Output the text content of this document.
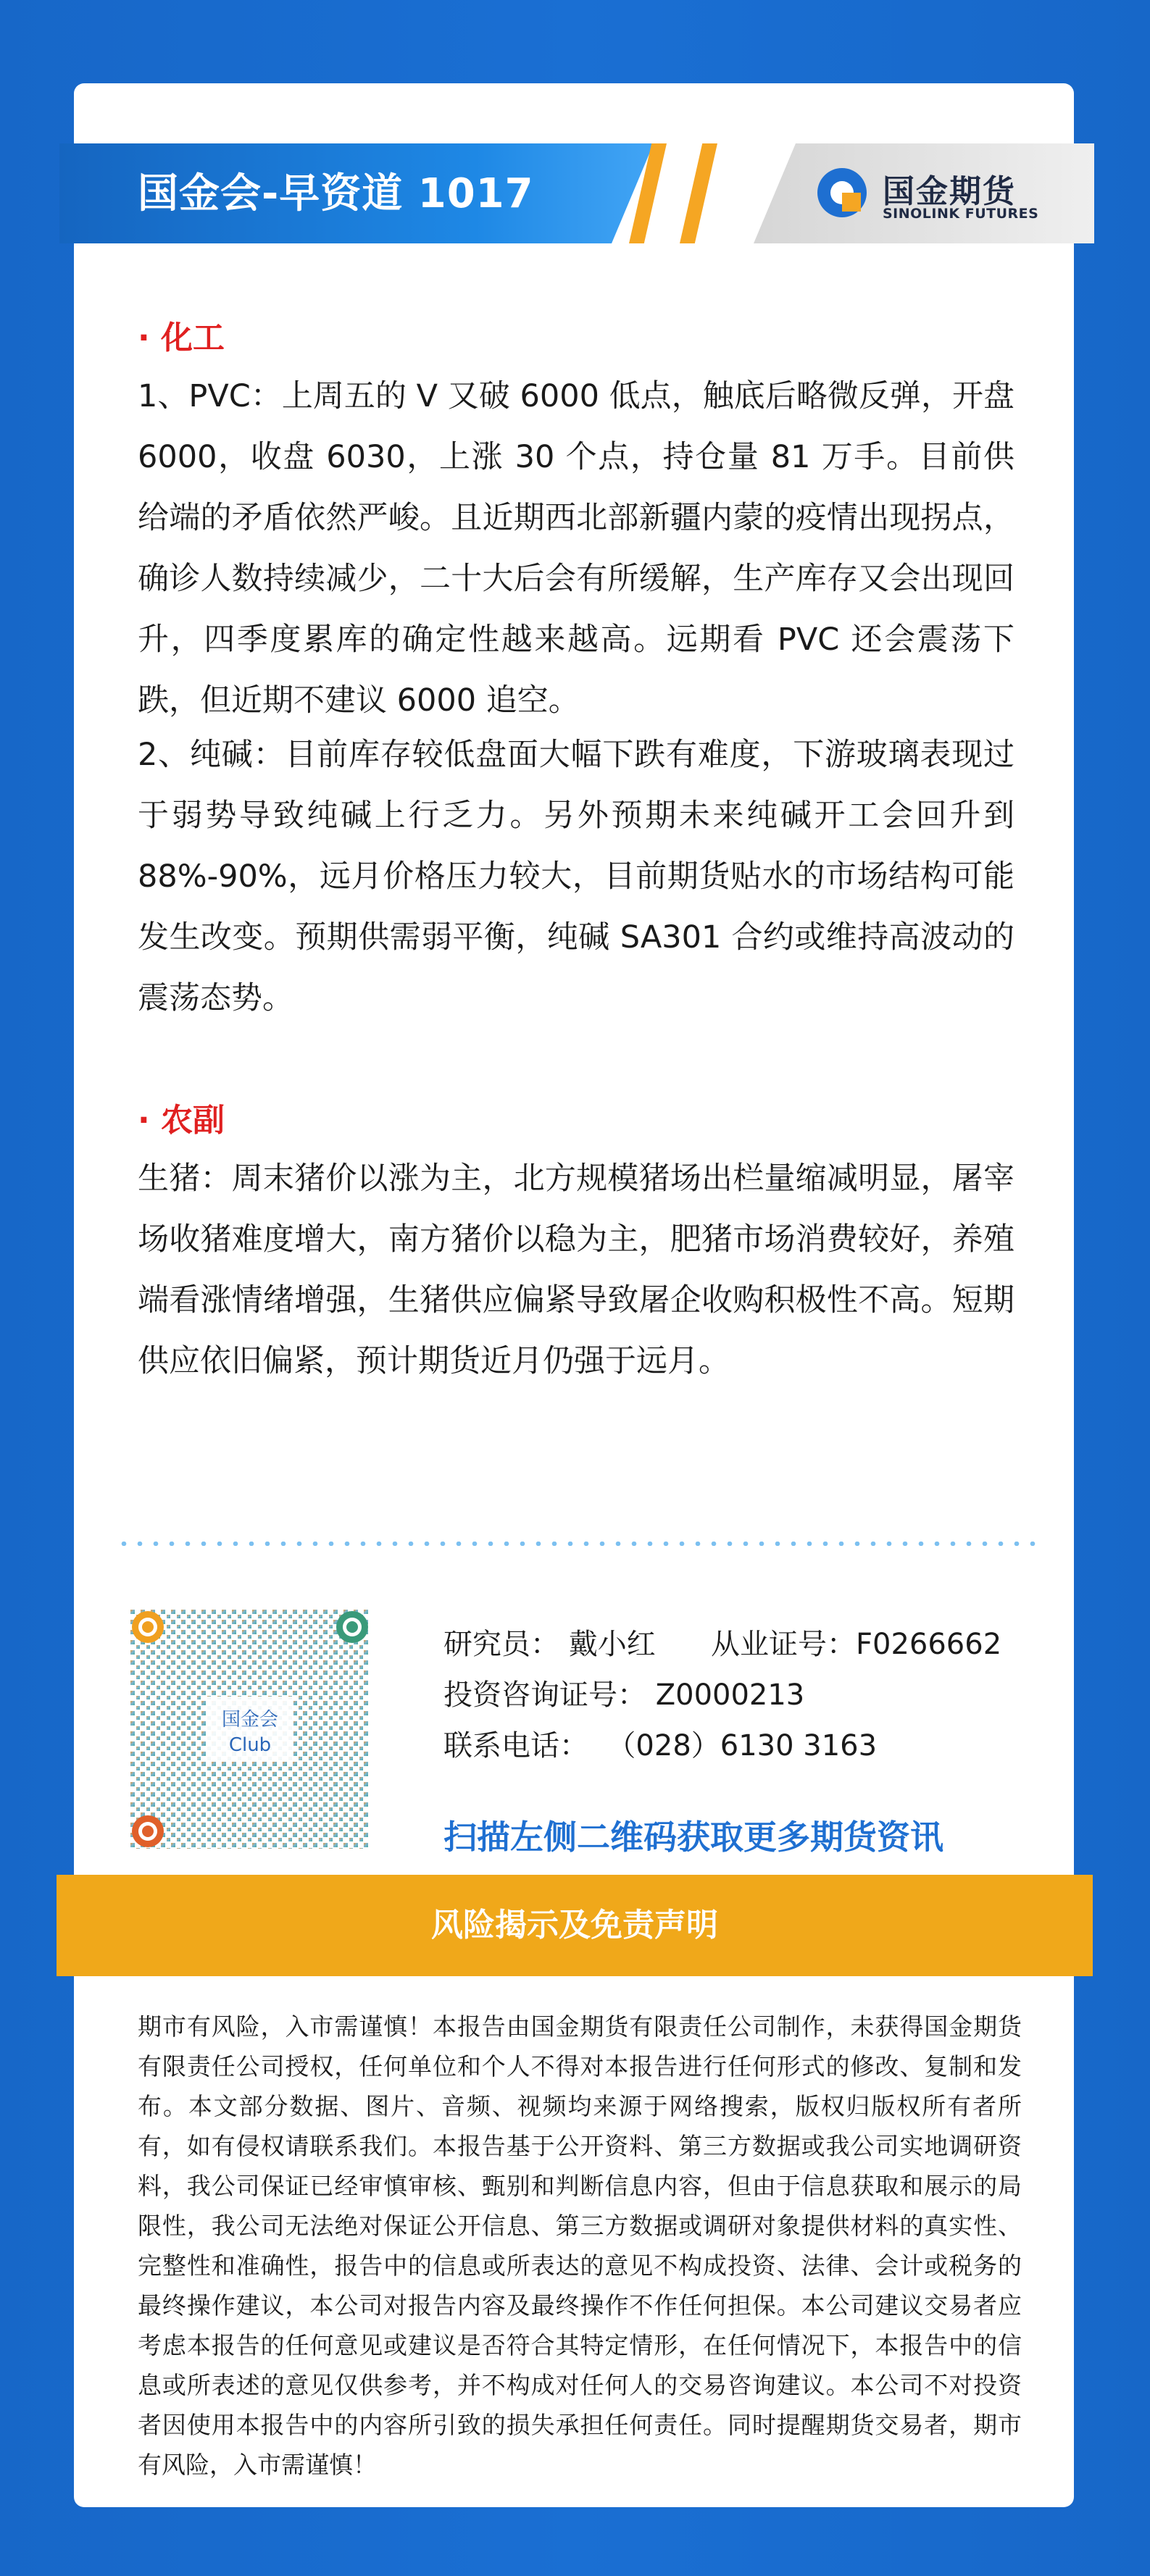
国金会-早资道 1017	国金期货
SINOLINK FUTURES
· 化工
1、PVC：上周五的 V 又破 6000 低点，触底后略微反弹，开盘 6000，收盘 6030，上涨 30 个点，持仓量 81 万手。目前供给端的矛盾依然严峻。且近期西北部新疆内蒙的疫情出现拐点，确诊人数持续减少，二十大后会有所缓解，生产库存又会出现回升，四季度累库的确定性越来越高。远期看 PVC 还会震荡下跌，但近期不建议 6000 追空。
2、纯碱：目前库存较低盘面大幅下跌有难度，下游玻璃表现过于弱势导致纯碱上行乏力。另外预期未来纯碱开工会回升到 88%-90%，远月价格压力较大，目前期货贴水的市场结构可能发生改变。预期供需弱平衡，纯碱 SA301 合约或维持高波动的震荡态势。
· 农副
生猪：周末猪价以涨为主，北方规模猪场出栏量缩减明显，屠宰场收猪难度增大，南方猪价以稳为主，肥猪市场消费较好，养殖端看涨情绪增强，生猪供应偏紧导致屠企收购积极性不高。短期供应依旧偏紧，预计期货近月仍强于远月。
国金会
Club
研究员： 戴小红      从业证号：F0266662
投资咨询证号： Z0000213
联系电话：  （028）6130 3163
扫描左侧二维码获取更多期货资讯
风险揭示及免责声明
期市有风险，入市需谨慎！本报告由国金期货有限责任公司制作，未获得国金期货有限责任公司授权，任何单位和个人不得对本报告进行任何形式的修改、复制和发布。本文部分数据、图片、音频、视频均来源于网络搜索，版权归版权所有者所有，如有侵权请联系我们。本报告基于公开资料、第三方数据或我公司实地调研资料，我公司保证已经审慎审核、甄别和判断信息内容，但由于信息获取和展示的局限性，我公司无法绝对保证公开信息、第三方数据或调研对象提供材料的真实性、完整性和准确性，报告中的信息或所表达的意见不构成投资、法律、会计或税务的最终操作建议，本公司对报告内容及最终操作不作任何担保。本公司建议交易者应考虑本报告的任何意见或建议是否符合其特定情形，在任何情况下，本报告中的信息或所表述的意见仅供参考，并不构成对任何人的交易咨询建议。本公司不对投资者因使用本报告中的内容所引致的损失承担任何责任。同时提醒期货交易者，期市有风险，入市需谨慎！
